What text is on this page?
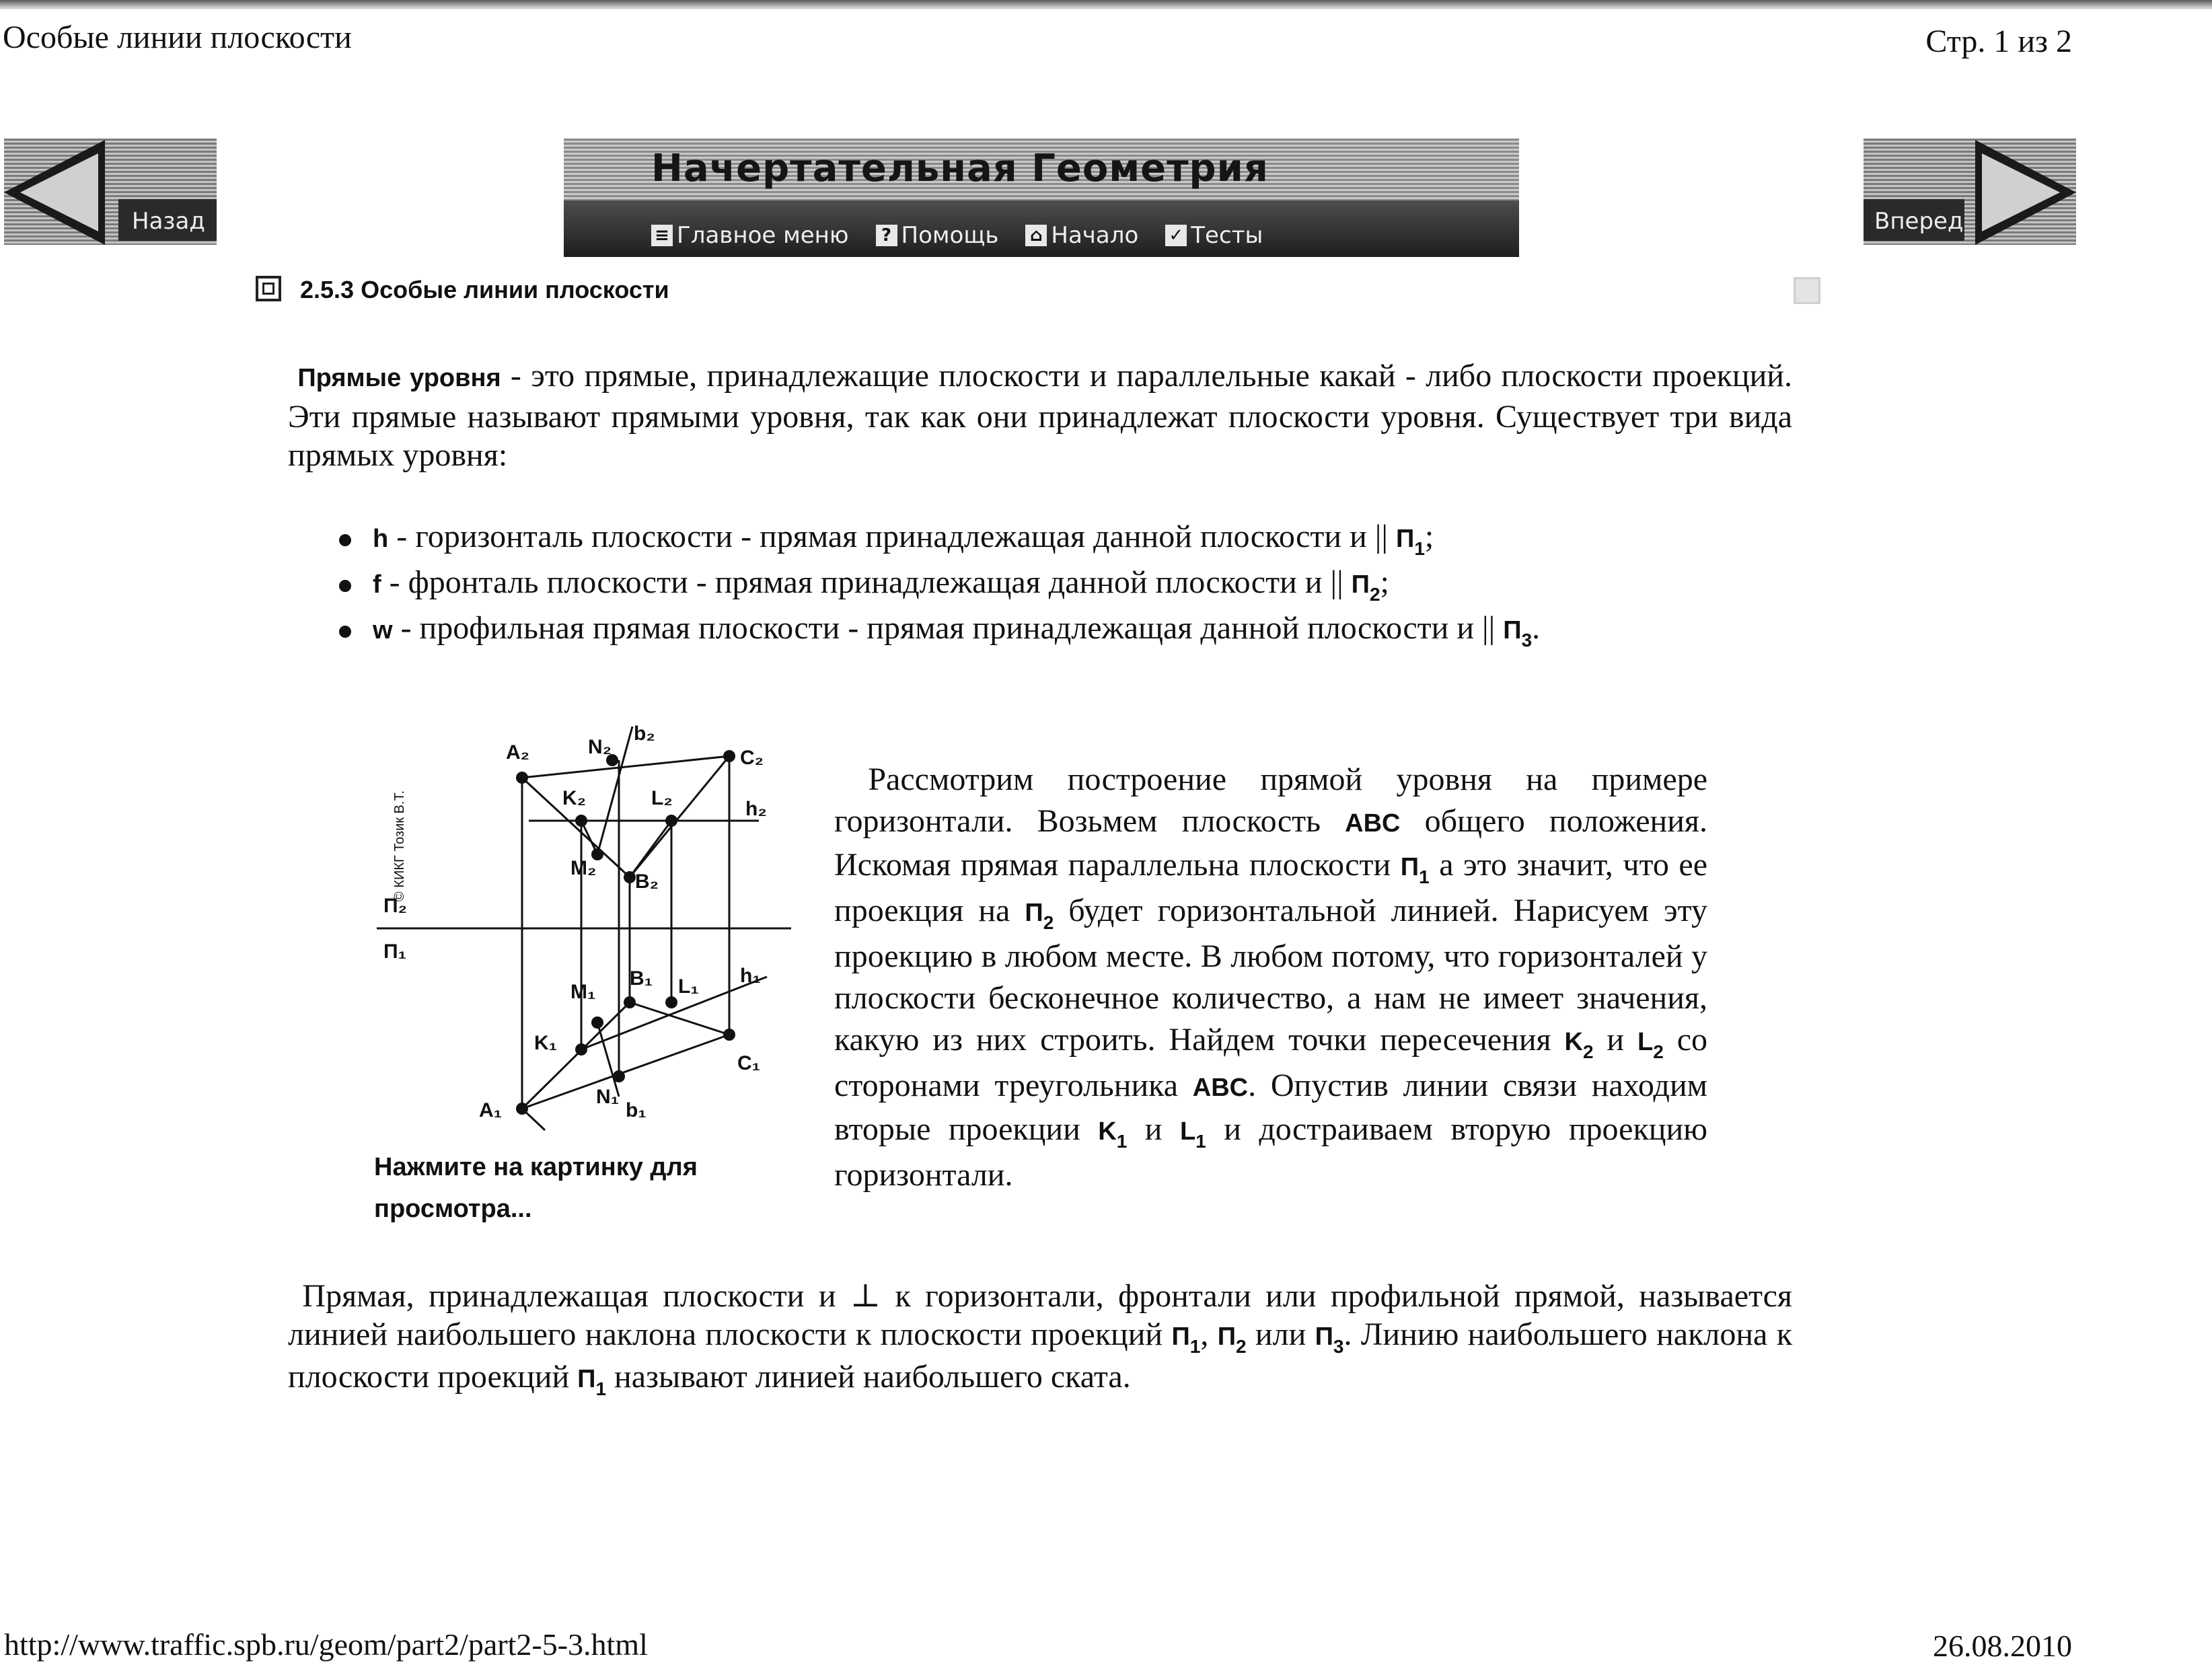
Особые линии плоскости	Стр. 1 из 2
Назад
Начертательная Геометрия
≡ Главное меню	? Помощь ⌂ Начало ✓ Тесты
Вперед
2.5.3 Особые линии плоскости
Прямые уровня - это прямые, принадлежащие плоскости и параллельные какай - либо плоскости проекций. Эти прямые называют прямыми уровня, так как они принадлежат плоскости уровня. Существует три вида прямых уровня:
h - горизонталь плоскости - прямая принадлежащая данной плоскости и || $П_1$;
f - фронталь плоскости - прямая принадлежащая данной плоскости и || $П_2$;
w - профильная прямая плоскости - прямая принадлежащая данной плоскости и || $П_3$.
A₂	N₂
b₂
C₂
K₂	L₂	h₂
M₂
B₂
П₂
П₁
B₁ L₁ h₁
M₁
K₁
C₁
A₁
N₁
b₁
© КИКГ Тозик В.Т.
Нажмите на картинку для просмотра...
Рассмотрим построение прямой уровня на примере горизонтали. Возьмем плоскость ABC общего положения. Искомая прямая параллельна плоскости $П_1$ а это значит, что ее проекция на $П_2$ будет горизонтальной линией. Нарисуем эту проекцию в любом месте. В любом потому, что горизонталей у плоскости бесконечное количество, а нам не имеет значения, какую из них строить. Найдем точки пересечения $K_2$ и $L_2$ со сторонами треугольника ABC. Опустив линии связи находим вторые проекции $K_1$ и $L_1$ и достраиваем вторую проекцию горизонтали.
Прямая, принадлежащая плоскости и ⊥ к горизонтали, фронтали или профильной прямой, называется линией наибольшего наклона плоскости к плоскости проекций $П_1$, $П_2$ или $П_3$. Линию наибольшего наклона к плоскости проекций $П_1$ называют линией наибольшего ската.
http://www.traffic.spb.ru/geom/part2/part2-5-3.html	26.08.2010
